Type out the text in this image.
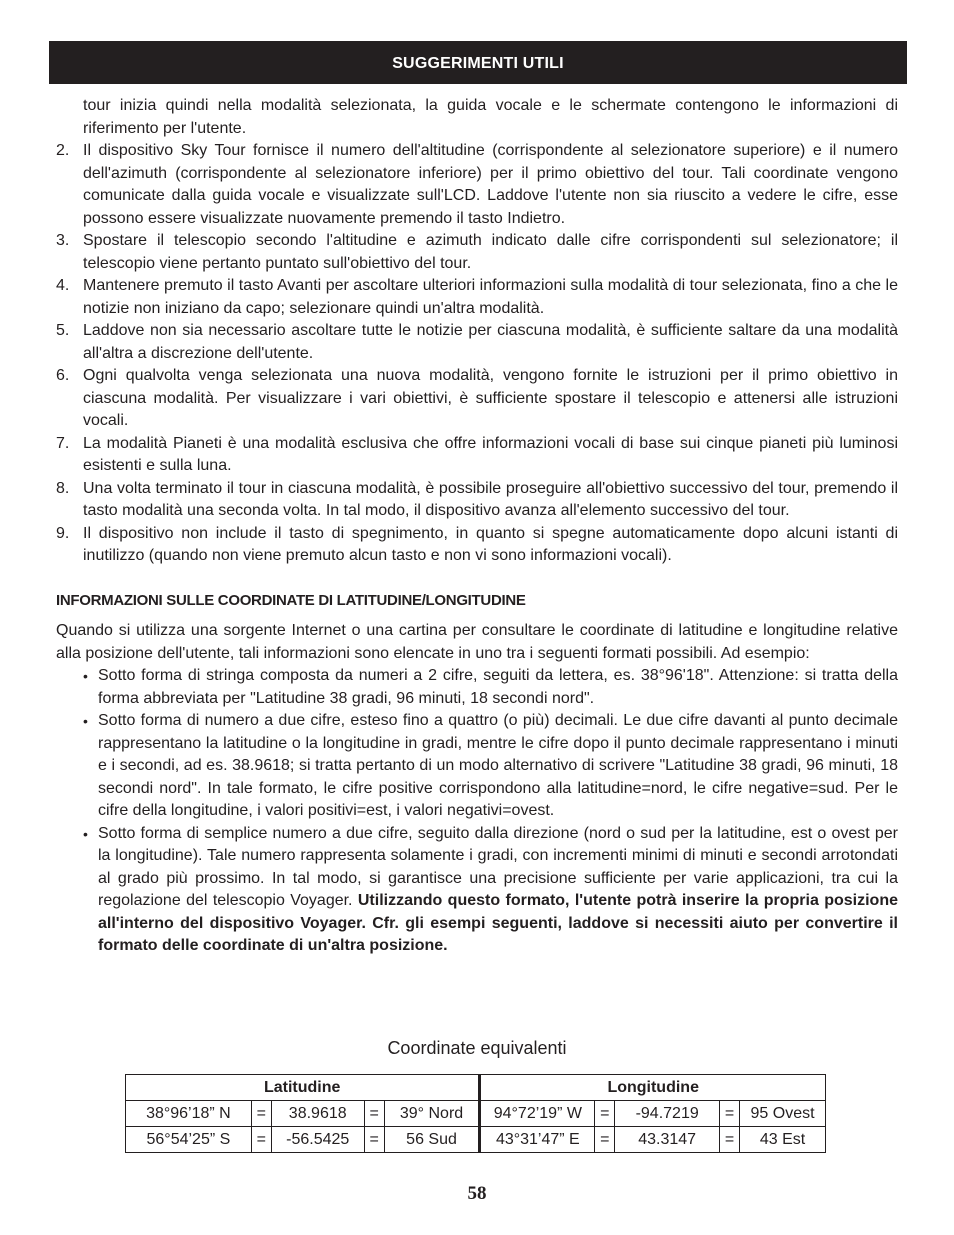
SUGGERIMENTI UTILI

tour inizia quindi nella modalità selezionata, la guida vocale e le schermate contengono le informazioni di riferimento per l'utente.

2. Il dispositivo Sky Tour fornisce il numero dell'altitudine (corrispondente al selezionatore superiore) e il numero dell'azimuth (corrispondente al selezionatore inferiore) per il primo obiettivo del tour. Tali coordinate vengono comunicate dalla guida vocale e visualizzate sull'LCD. Laddove l'utente non sia riuscito a vedere le cifre, esse possono essere visualizzate nuovamente premendo il tasto Indietro.
3. Spostare il telescopio secondo l'altitudine e azimuth indicato dalle cifre corrispondenti sul selezionatore; il telescopio viene pertanto puntato sull'obiettivo del tour.
4. Mantenere premuto il tasto Avanti per ascoltare ulteriori informazioni sulla modalità di tour selezionata, fino a che le notizie non iniziano da capo; selezionare quindi un'altra modalità.
5. Laddove non sia necessario ascoltare tutte le notizie per ciascuna modalità, è sufficiente saltare da una modalità all'altra a discrezione dell'utente.
6. Ogni qualvolta venga selezionata una nuova modalità, vengono fornite le istruzioni per il primo obiettivo in ciascuna modalità. Per visualizzare i vari obiettivi, è sufficiente spostare il telescopio e attenersi alle istruzioni vocali.
7. La modalità Pianeti è una modalità esclusiva che offre informazioni vocali di base sui cinque pianeti più luminosi esistenti e sulla luna.
8. Una volta terminato il tour in ciascuna modalità, è possibile proseguire all'obiettivo successivo del tour, premendo il tasto modalità una seconda volta. In tal modo, il dispositivo avanza all'elemento successivo del tour.
9. Il dispositivo non include il tasto di spegnimento, in quanto si spegne automaticamente dopo alcuni istanti di inutilizzo (quando non viene premuto alcun tasto e non vi sono informazioni vocali).
INFORMAZIONI SULLE COORDINATE DI LATITUDINE/LONGITUDINE

Quando si utilizza una sorgente Internet o una cartina per consultare le coordinate di latitudine e longitudine relative alla posizione dell'utente, tali informazioni sono elencate in uno tra i seguenti formati possibili. Ad esempio:

• Sotto forma di stringa composta da numeri a 2 cifre, seguiti da lettera, es. 38°96'18". Attenzione: si tratta della forma abbreviata per "Latitudine 38 gradi, 96 minuti, 18 secondi nord".
• Sotto forma di numero a due cifre, esteso fino a quattro (o più) decimali. Le due cifre davanti al punto decimale rappresentano la latitudine o la longitudine in gradi, mentre le cifre dopo il punto decimale rappresentano i minuti e i secondi, ad es. 38.9618; si tratta pertanto di un modo alternativo di scrivere "Latitudine 38 gradi, 96 minuti, 18 secondi nord". In tale formato, le cifre positive corrispondono alla latitudine=nord, le cifre negative=sud. Per le cifre della longitudine, i valori positivi=est, i valori negativi=ovest.
• Sotto forma di semplice numero a due cifre, seguito dalla direzione (nord o sud per la latitudine, est o ovest per la longitudine). Tale numero rappresenta solamente i gradi, con incrementi minimi di minuti e secondi arrotondati al grado più prossimo. In tal modo, si garantisce una precisione sufficiente per varie applicazioni, tra cui la regolazione del telescopio Voyager. Utilizzando questo formato, l'utente potrà inserire la propria posizione all'interno del dispositivo Voyager. Cfr. gli esempi seguenti, laddove si necessiti aiuto per convertire il formato delle coordinate di un'altra posizione.
Coordinate equivalenti
Latitudine					Longitudine				
38°96’18” N	=	38.9618	=	39° Nord	94°72’19” W	=	-94.7219	=	95 Ovest
56°54’25” S	=	-56.5425	=	56 Sud	43°31’47” E	=	43.3147	=	43 Est
58
